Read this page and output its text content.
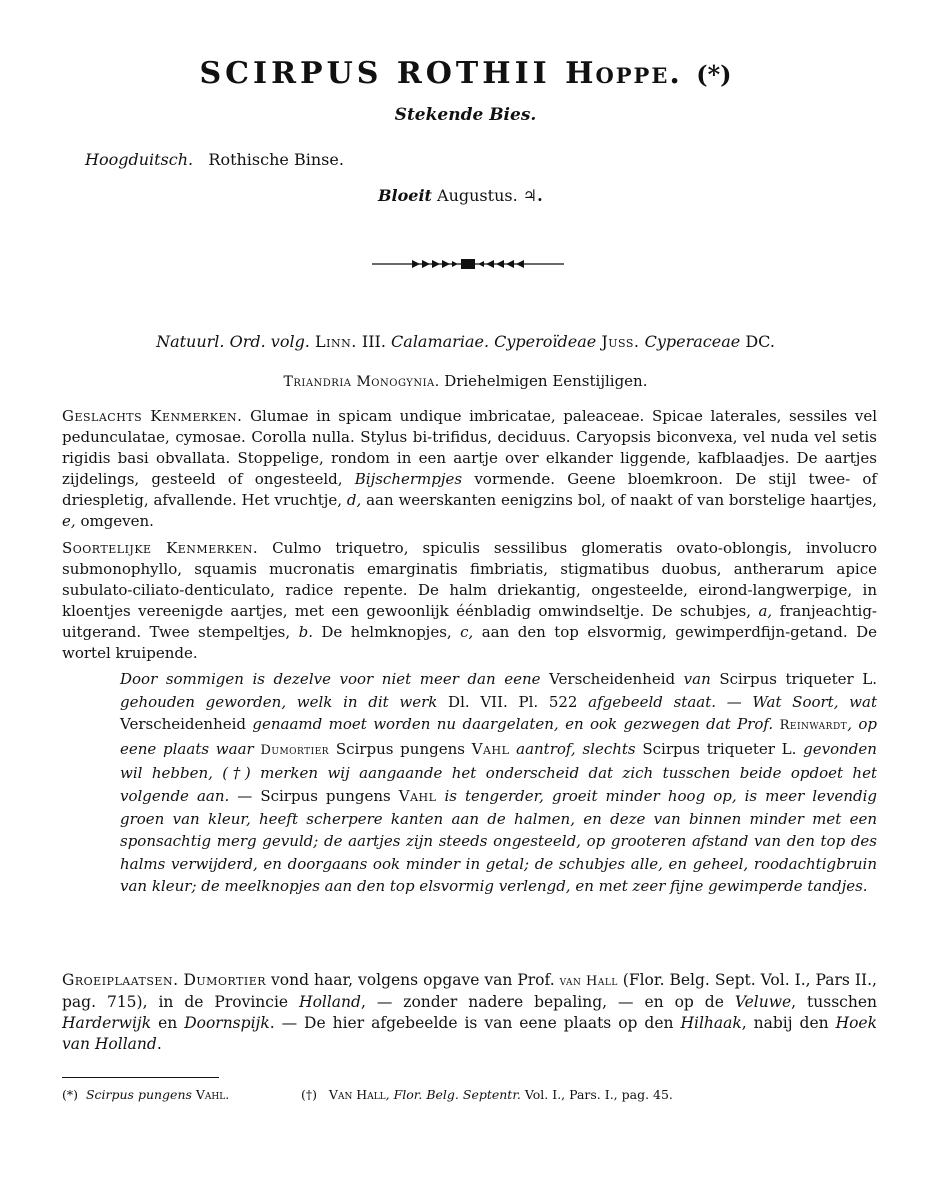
SCIRPUS ROTHII Hoppe. (*)
Stekende Bies.
Hoogduitsch. Rothische Binse.
Bloeit Augustus. ♃.
Natuurl. Ord. volg. Linn. III. Calamariae. Cyperoïdeae Juss. Cyperaceae DC.
Triandria Monogynia. Driehelmigen Eenstijligen.
Geslachts Kenmerken. Glumae in spicam undique imbricatae, paleaceae. Spicae laterales, sessiles vel pedunculatae, cymosae. Corolla nulla. Stylus bi-trifidus, deciduus. Caryopsis biconvexa, vel nuda vel setis rigidis basi obvallata. Stoppelige, rondom in een aartje over elkander liggende, kafblaadjes. De aartjes zijdelings, gesteeld of ongesteeld, Bijschermpjes vormende. Geene bloemkroon. De stijl twee- of driespletig, afvallende. Het vruchtje, d, aan weerskanten eenigzins bol, of naakt of van borstelige haartjes, e, omgeven.
Soortelijke Kenmerken. Culmo triquetro, spiculis sessilibus glomeratis ovato-oblongis, involucro submonophyllo, squamis mucronatis emarginatis fimbriatis, stigmatibus duobus, antherarum apice subulato-ciliato-denticulato, radice repente. De halm driekantig, ongesteelde, eirond-langwerpige, in kloentjes vereenigde aartjes, met een gewoonlijk éénbladig omwindseltje. De schubjes, a, franjeachtig-uitgerand. Twee stempeltjes, b. De helmknopjes, c, aan den top elsvormig, gewimperdfijn-getand. De wortel kruipende.
Door sommigen is dezelve voor niet meer dan eene Verscheidenheid van Scirpus triqueter L. gehouden geworden, welk in dit werk Dl. VII. Pl. 522 afgebeeld staat. — Wat Soort, wat Verscheidenheid genaamd moet worden nu daargelaten, en ook gezwegen dat Prof. Reinwardt, op eene plaats waar Dumortier Scirpus pungens Vahl aantrof, slechts Scirpus triqueter L. gevonden wil hebben, (†) merken wij aangaande het onderscheid dat zich tusschen beide opdoet het volgende aan. — Scirpus pungens Vahl is tengerder, groeit minder hoog op, is meer levendig groen van kleur, heeft scherpere kanten aan de halmen, en deze van binnen minder met een sponsachtig merg gevuld; de aartjes zijn steeds ongesteeld, op grooteren afstand van den top des halms verwijderd, en doorgaans ook minder in getal; de schubjes alle, en geheel, roodachtigbruin van kleur; de meelknopjes aan den top elsvormig verlengd, en met zeer fijne gewimperde tandjes.
Groeiplaatsen. Dumortier vond haar, volgens opgave van Prof. van Hall (Flor. Belg. Sept. Vol. I., Pars II., pag. 715), in de Provincie Holland, — zonder nadere bepaling, — en op de Veluwe, tusschen Harderwijk en Doornspijk. — De hier afgebeelde is van eene plaats op den Hilhaak, nabij den Hoek van Holland.
(*) Scirpus pungens Vahl.	(†) Van Hall, Flor. Belg. Septentr. Vol. I., Pars. I., pag. 45.
